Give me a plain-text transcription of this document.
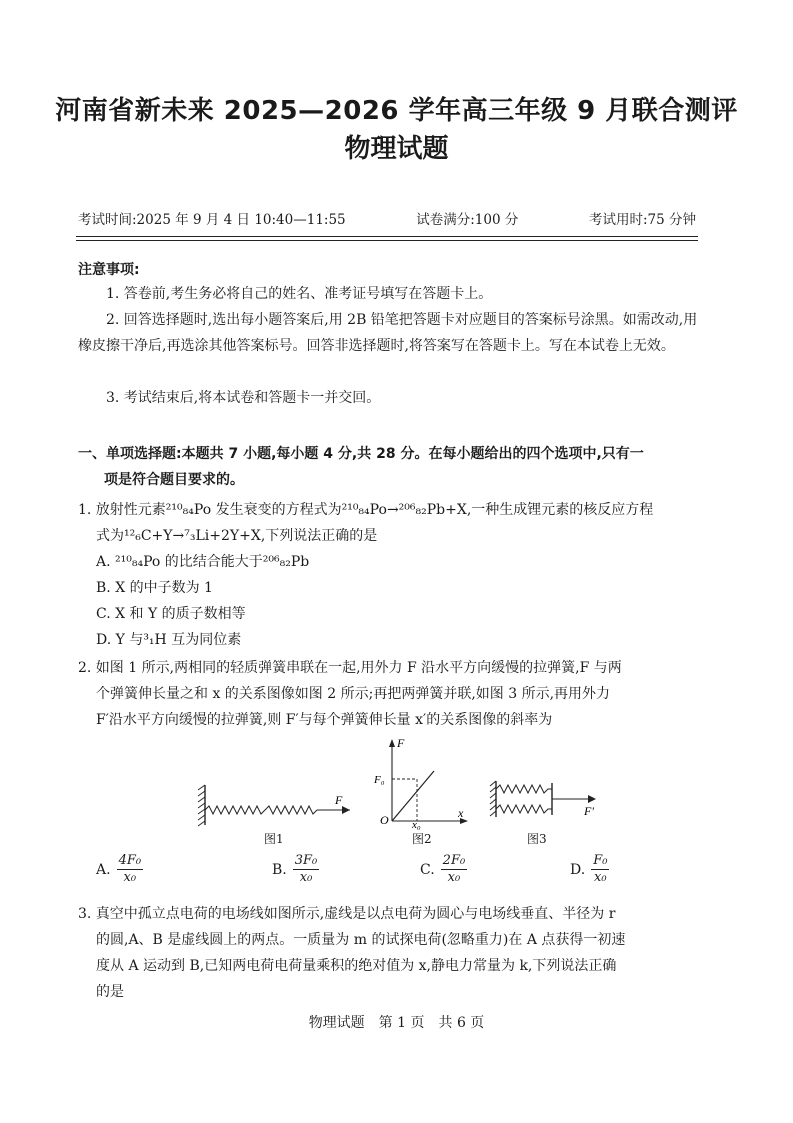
河南省新未来 2025—2026 学年高三年级 9 月联合测评
物理试题
考试时间:2025 年 9 月 4 日 10:40—11:55	试卷满分:100 分	考试用时:75 分钟
注意事项:
1. 答卷前,考生务必将自己的姓名、准考证号填写在答题卡上。
2. 回答选择题时,选出每小题答案后,用 2B 铅笔把答题卡对应题目的答案标号涂黑。如需改动,用橡皮擦干净后,再选涂其他答案标号。回答非选择题时,将答案写在答题卡上。写在本试卷上无效。
3. 考试结束后,将本试卷和答题卡一并交回。
一、单项选择题:本题共 7 小题,每小题 4 分,共 28 分。在每小题给出的四个选项中,只有一
项是符合题目要求的。
1. 放射性元素²¹⁰₈₄Po 发生衰变的方程式为²¹⁰₈₄Po→²⁰⁶₈₂Pb+X,一种生成锂元素的核反应方程
式为¹²₆C+Y→⁷₃Li+2Y+X,下列说法正确的是
A. ²¹⁰₈₄Po 的比结合能大于²⁰⁶₈₂Pb
B. X 的中子数为 1
C. X 和 Y 的质子数相等
D. Y 与³₁H 互为同位素
2. 如图 1 所示,两相同的轻质弹簧串联在一起,用外力 F 沿水平方向缓慢的拉弹簧,F 与两
个弹簧伸长量之和 x 的关系图像如图 2 所示;再把两弹簧并联,如图 3 所示,再用外力
F′沿水平方向缓慢的拉弹簧,则 F′与每个弹簧伸长量 x′的关系图像的斜率为
F
图1
F
F₀
O x₀
x
图2
F′
图3
A. $\frac{\text{4F₀}}{\text{x₀}}$	B. $\frac{\text{3F₀}}{\text{x₀}}$	C. $\frac{\text{2F₀}}{\text{x₀}}$	D. $\frac{\text{F₀}}{\text{x₀}}$
3. 真空中孤立点电荷的电场线如图所示,虚线是以点电荷为圆心与电场线垂直、半径为 r
的圆,A、B 是虚线圆上的两点。一质量为 m 的试探电荷(忽略重力)在 A 点获得一初速
度从 A 运动到 B,已知两电荷电荷量乘积的绝对值为 x,静电力常量为 k,下列说法正确
的是
物理试题　第 1 页　共 6 页
